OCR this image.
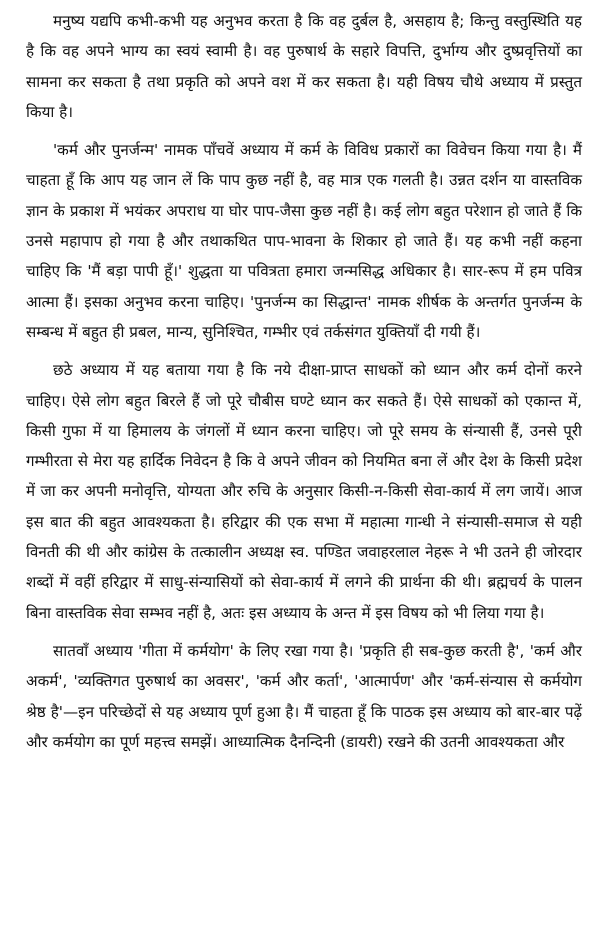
मनुष्य यद्यपि कभी-कभी यह अनुभव करता है कि वह दुर्बल है, असहाय है; किन्तु वस्तुस्थिति यह है कि वह अपने भाग्य का स्वयं स्वामी है। वह पुरुषार्थ के सहारे विपत्ति, दुर्भाग्य और दुष्प्रवृत्तियों का सामना कर सकता है तथा प्रकृति को अपने वश में कर सकता है। यही विषय चौथे अध्याय में प्रस्तुत किया है।

'कर्म और पुनर्जन्म' नामक पाँचवें अध्याय में कर्म के विविध प्रकारों का विवेचन किया गया है। मैं चाहता हूँ कि आप यह जान लें कि पाप कुछ नहीं है, वह मात्र एक गलती है। उन्नत दर्शन या वास्तविक ज्ञान के प्रकाश में भयंकर अपराध या घोर पाप-जैसा कुछ नहीं है। कई लोग बहुत परेशान हो जाते हैं कि उनसे महापाप हो गया है और तथाकथित पाप-भावना के शिकार हो जाते हैं। यह कभी नहीं कहना चाहिए कि 'मैं बड़ा पापी हूँ।' शुद्धता या पवित्रता हमारा जन्मसिद्ध अधिकार है। सार-रूप में हम पवित्र आत्मा हैं। इसका अनुभव करना चाहिए। 'पुनर्जन्म का सिद्धान्त' नामक शीर्षक के अन्तर्गत पुनर्जन्म के सम्बन्ध में बहुत ही प्रबल, मान्य, सुनिश्चित, गम्भीर एवं तर्कसंगत युक्तियाँ दी गयी हैं।

छठे अध्याय में यह बताया गया है कि नये दीक्षा-प्राप्त साधकों को ध्यान और कर्म दोनों करने चाहिए। ऐसे लोग बहुत बिरले हैं जो पूरे चौबीस घण्टे ध्यान कर सकते हैं। ऐसे साधकों को एकान्त में, किसी गुफा में या हिमालय के जंगलों में ध्यान करना चाहिए। जो पूरे समय के संन्यासी हैं, उनसे पूरी गम्भीरता से मेरा यह हार्दिक निवेदन है कि वे अपने जीवन को नियमित बना लें और देश के किसी प्रदेश में जा कर अपनी मनोवृत्ति, योग्यता और रुचि के अनुसार किसी-न-किसी सेवा-कार्य में लग जायें। आज इस बात की बहुत आवश्यकता है। हरिद्वार की एक सभा में महात्मा गान्धी ने संन्यासी-समाज से यही विनती की थी और कांग्रेस के तत्कालीन अध्यक्ष स्व. पण्डित जवाहरलाल नेहरू ने भी उतने ही जोरदार शब्दों में वहीं हरिद्वार में साधु-संन्यासियों को सेवा-कार्य में लगने की प्रार्थना की थी। ब्रह्मचर्य के पालन बिना वास्तविक सेवा सम्भव नहीं है, अतः इस अध्याय के अन्त में इस विषय को भी लिया गया है।

सातवाँ अध्याय 'गीता में कर्मयोग' के लिए रखा गया है। 'प्रकृति ही सब-कुछ करती है', 'कर्म और अकर्म', 'व्यक्तिगत पुरुषार्थ का अवसर', 'कर्म और कर्ता', 'आत्मार्पण' और 'कर्म-संन्यास से कर्मयोग श्रेष्ठ है'—इन परिच्छेदों से यह अध्याय पूर्ण हुआ है। मैं चाहता हूँ कि पाठक इस अध्याय को बार-बार पढ़ें और कर्मयोग का पूर्ण महत्त्व समझें। आध्यात्मिक दैनन्दिनी (डायरी) रखने की उतनी आवश्यकता और
